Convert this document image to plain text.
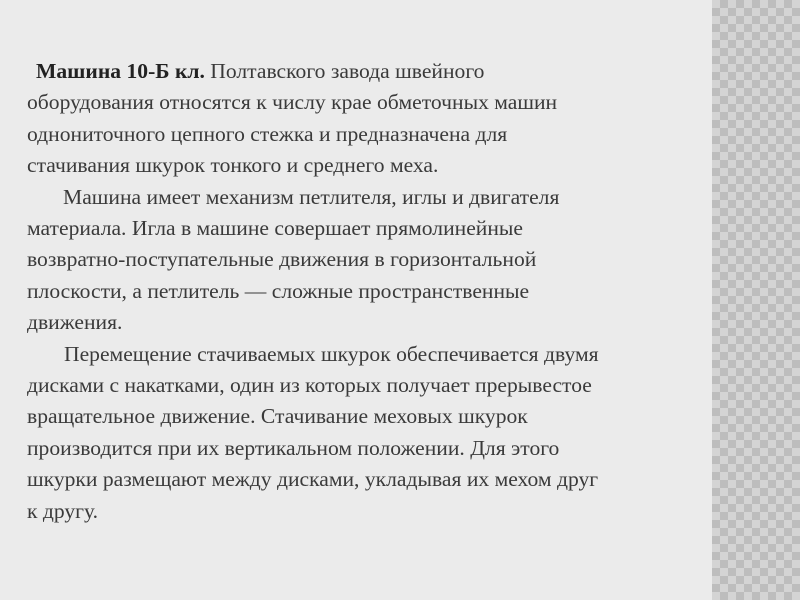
Машина 10-Б кл. Полтавского завода швейного

оборудования относятся к числу крае обметочных машин

однониточного цепного стежка и предназначена для

стачивания шкурок тонкого и среднего меха.

Машина имеет механизм петлителя, иглы и двигателя

материала. Игла в машине совершает прямолинейные

возвратно-поступательные движения в горизонтальной

плоскости, а петлитель — сложные пространственные

движения.

Перемещение стачиваемых шкурок обеспечивается двумя

дисками с накатками, один из которых получает прерывестое

вращательное движение. Стачивание меховых шкурок

производится при их вертикальном положении. Для этого

шкурки размещают между дисками, укладывая их мехом друг

к другу.
